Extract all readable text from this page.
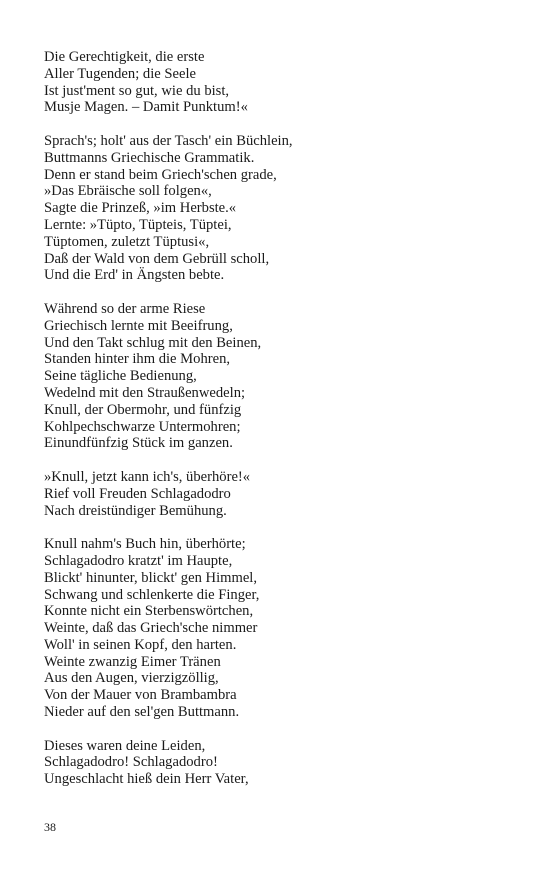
Die Gerechtigkeit, die erste
Aller Tugenden; die Seele
Ist just'ment so gut, wie du bist,
Musje Magen. – Damit Punktum!«
Sprach's; holt' aus der Tasch' ein Büchlein,
Buttmanns Griechische Grammatik.
Denn er stand beim Griech'schen grade,
»Das Ebräische soll folgen«,
Sagte die Prinzeß, »im Herbste.«
Lernte: »Tüpto, Tüpteis, Tüptei,
Tüptomen, zuletzt Tüptusi«,
Daß der Wald von dem Gebrüll scholl,
Und die Erd' in Ängsten bebte.
Während so der arme Riese
Griechisch lernte mit Beeifrung,
Und den Takt schlug mit den Beinen,
Standen hinter ihm die Mohren,
Seine tägliche Bedienung,
Wedelnd mit den Straußenwedeln;
Knull, der Obermohr, und fünfzig
Kohlpechschwarze Untermohren;
Einundfünfzig Stück im ganzen.
»Knull, jetzt kann ich's, überhöre!«
Rief voll Freuden Schlagadodro
Nach dreistündiger Bemühung.
Knull nahm's Buch hin, überhörte;
Schlagadodro kratzt' im Haupte,
Blickt' hinunter, blickt' gen Himmel,
Schwang und schlenkerte die Finger,
Konnte nicht ein Sterbenswörtchen,
Weinte, daß das Griech'sche nimmer
Woll' in seinen Kopf, den harten.
Weinte zwanzig Eimer Tränen
Aus den Augen, vierzigzöllig,
Von der Mauer von Brambambra
Nieder auf den sel'gen Buttmann.
Dieses waren deine Leiden,
Schlagadodro! Schlagadodro!
Ungeschlacht hieß dein Herr Vater,
38
